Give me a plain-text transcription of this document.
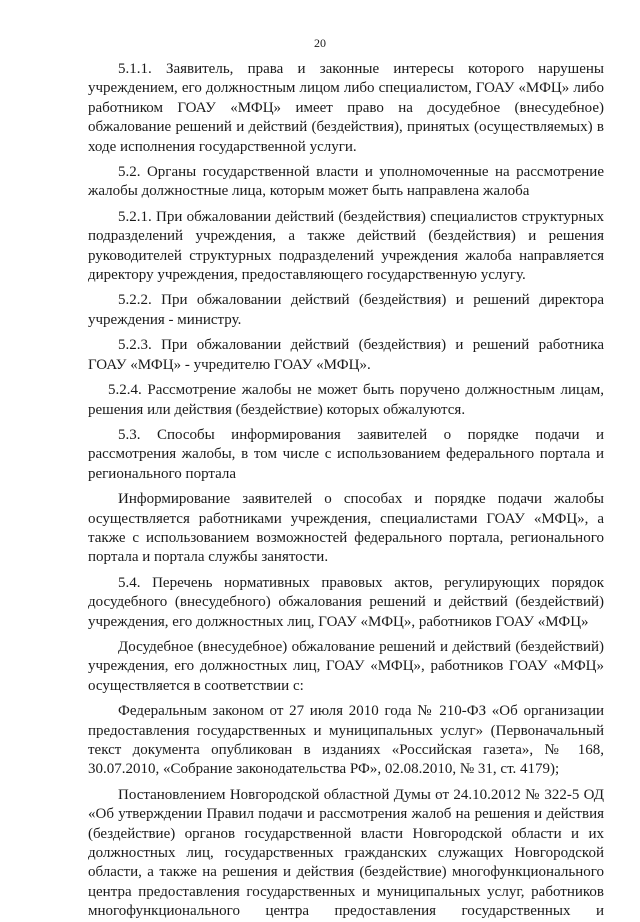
20

5.1.1. Заявитель, права и законные интересы которого нарушены учреждением, его должностным лицом либо специалистом, ГОАУ «МФЦ» либо работником ГОАУ «МФЦ» имеет право на досудебное (внесудебное) обжалование решений и действий (бездействия), принятых (осуществляемых) в ходе исполнения государственной услуги.

5.2. Органы государственной власти и уполномоченные на рассмотрение жалобы должностные лица, которым может быть направлена жалоба

5.2.1. При обжаловании действий (бездействия) специалистов структурных подразделений учреждения, а также действий (бездействия) и решения руководителей структурных подразделений учреждения жалоба направляется директору учреждения, предоставляющего государственную услугу.

5.2.2. При обжаловании действий (бездействия) и решений директора учреждения - министру.

5.2.3. При обжаловании действий (бездействия) и решений работника ГОАУ «МФЦ» - учредителю ГОАУ «МФЦ».

5.2.4. Рассмотрение жалобы не может быть поручено должностным лицам, решения или действия (бездействие) которых обжалуются.

5.3. Способы информирования заявителей о порядке подачи и рассмотрения жалобы, в том числе с использованием федерального портала и регионального портала

Информирование заявителей о способах и порядке подачи жалобы осуществляется работниками учреждения, специалистами ГОАУ «МФЦ», а также с использованием возможностей федерального портала, регионального портала и портала службы занятости.

5.4. Перечень нормативных правовых актов, регулирующих порядок досудебного (внесудебного) обжалования решений и действий (бездействий) учреждения, его должностных лиц, ГОАУ «МФЦ», работников ГОАУ «МФЦ»

Досудебное (внесудебное) обжалование решений и действий (бездействий) учреждения, его должностных лиц, ГОАУ «МФЦ», работников ГОАУ «МФЦ» осуществляется в соответствии с:

Федеральным законом от 27 июля 2010 года № 210-ФЗ «Об организации предоставления государственных и муниципальных услуг» (Первоначальный текст документа опубликован в изданиях «Российская газета», № 168, 30.07.2010, «Собрание законодательства РФ», 02.08.2010, № 31, ст. 4179);

Постановлением Новгородской областной Думы от 24.10.2012 № 322-5 ОД «Об утверждении Правил подачи и рассмотрения жалоб на решения и действия (бездействие) органов государственной власти Новгородской области и их должностных лиц, государственных гражданских служащих Новгородской области, а также на решения и действия (бездействие) многофункционального центра предоставления государственных и муниципальных услуг, работников многофункционального центра предоставления государственных и
